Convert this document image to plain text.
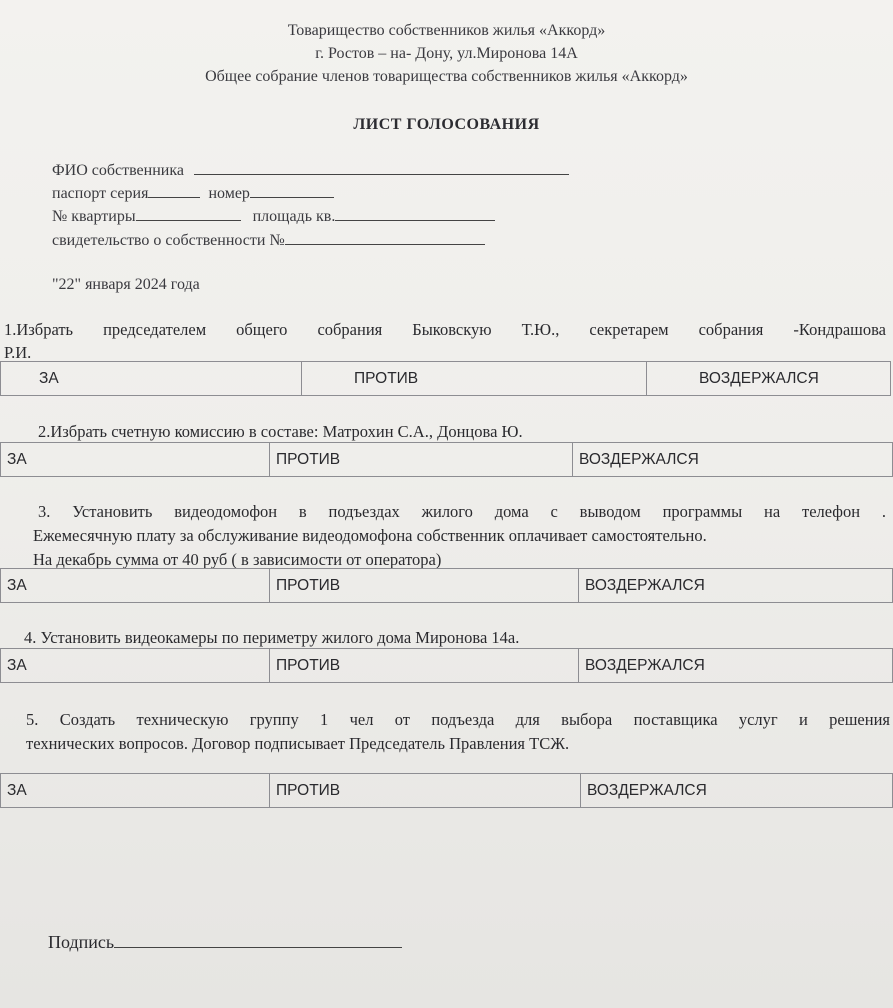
Товарищество собственников жилья «Аккорд»
г. Ростов – на- Дону, ул.Миронова 14А
Общее собрание членов товарищества собственников жилья «Аккорд»
ЛИСТ ГОЛОСОВАНИЯ
ФИО собственника
паспорт серия	номер
№ квартиры	площадь кв.
свидетельство о собственности №
"22" января 2024 года
1.Избрать председателем общего собрания Быковскую Т.Ю., секретарем собрания -Кондрашова
Р.И.
ЗА	ПРОТИВ	ВОЗДЕРЖАЛСЯ
2.Избрать счетную комиссию в составе: Матрохин С.А., Донцова Ю.
ЗА	ПРОТИВ	ВОЗДЕРЖАЛСЯ
3. Установить видеодомофон в подъездах жилого дома с выводом программы на телефон .
Ежемесячную плату за обслуживание видеодомофона собственник оплачивает самостоятельно.
На декабрь сумма от 40 руб ( в зависимости от оператора)
ЗА	ПРОТИВ	ВОЗДЕРЖАЛСЯ
4. Установить видеокамеры по периметру жилого дома Миронова 14а.
ЗА	ПРОТИВ	ВОЗДЕРЖАЛСЯ
5. Создать техническую группу 1 чел от подъезда для выбора поставщика услуг и решения
технических вопросов. Договор подписывает Председатель Правления ТСЖ.
ЗА	ПРОТИВ	ВОЗДЕРЖАЛСЯ
Подпись
